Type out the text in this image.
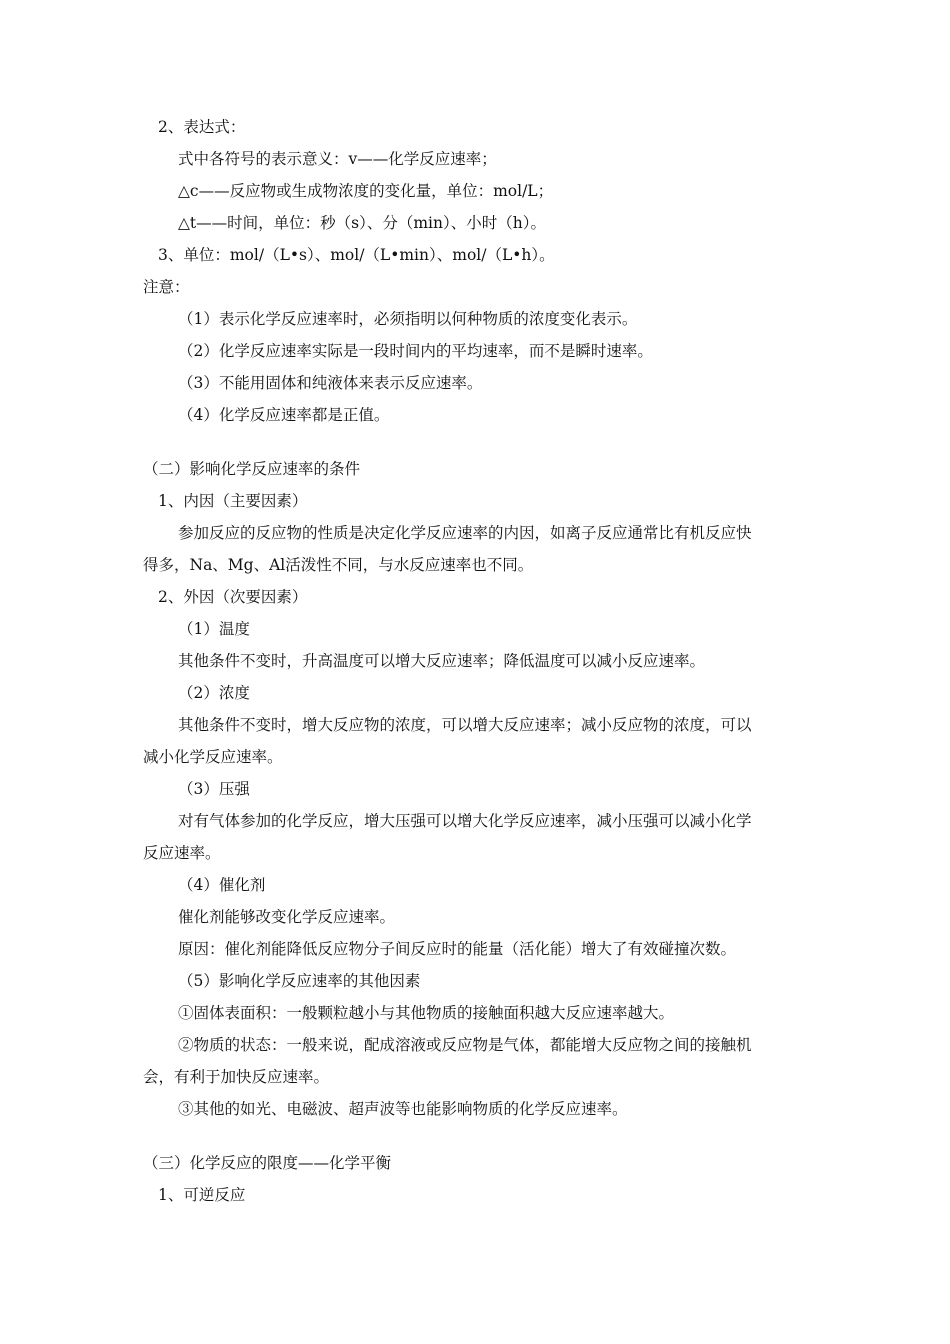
2、表达式：
式中各符号的表示意义：v——化学反应速率；
△c——反应物或生成物浓度的变化量，单位：mol/L；
△t——时间，单位：秒（s）、分（min）、小时（h）。
3、单位：mol/（L•s）、mol/（L•min）、mol/（L•h）。
注意：
（1）表示化学反应速率时，必须指明以何种物质的浓度变化表示。
（2）化学反应速率实际是一段时间内的平均速率，而不是瞬时速率。
（3）不能用固体和纯液体来表示反应速率。
（4）化学反应速率都是正值。
（二）影响化学反应速率的条件
1、内因（主要因素）
参加反应的反应物的性质是决定化学反应速率的内因，如离子反应通常比有机反应快
得多，Na、Mg、Al活泼性不同，与水反应速率也不同。
2、外因（次要因素）
（1）温度
其他条件不变时，升高温度可以增大反应速率；降低温度可以减小反应速率。
（2）浓度
其他条件不变时，增大反应物的浓度，可以增大反应速率；减小反应物的浓度，可以
减小化学反应速率。
（3）压强
对有气体参加的化学反应，增大压强可以增大化学反应速率，减小压强可以减小化学
反应速率。
（4）催化剂
催化剂能够改变化学反应速率。
原因：催化剂能降低反应物分子间反应时的能量（活化能）增大了有效碰撞次数。
（5）影响化学反应速率的其他因素
①固体表面积：一般颗粒越小与其他物质的接触面积越大反应速率越大。
②物质的状态：一般来说，配成溶液或反应物是气体，都能增大反应物之间的接触机
会，有利于加快反应速率。
③其他的如光、电磁波、超声波等也能影响物质的化学反应速率。
（三）化学反应的限度——化学平衡
1、可逆反应
